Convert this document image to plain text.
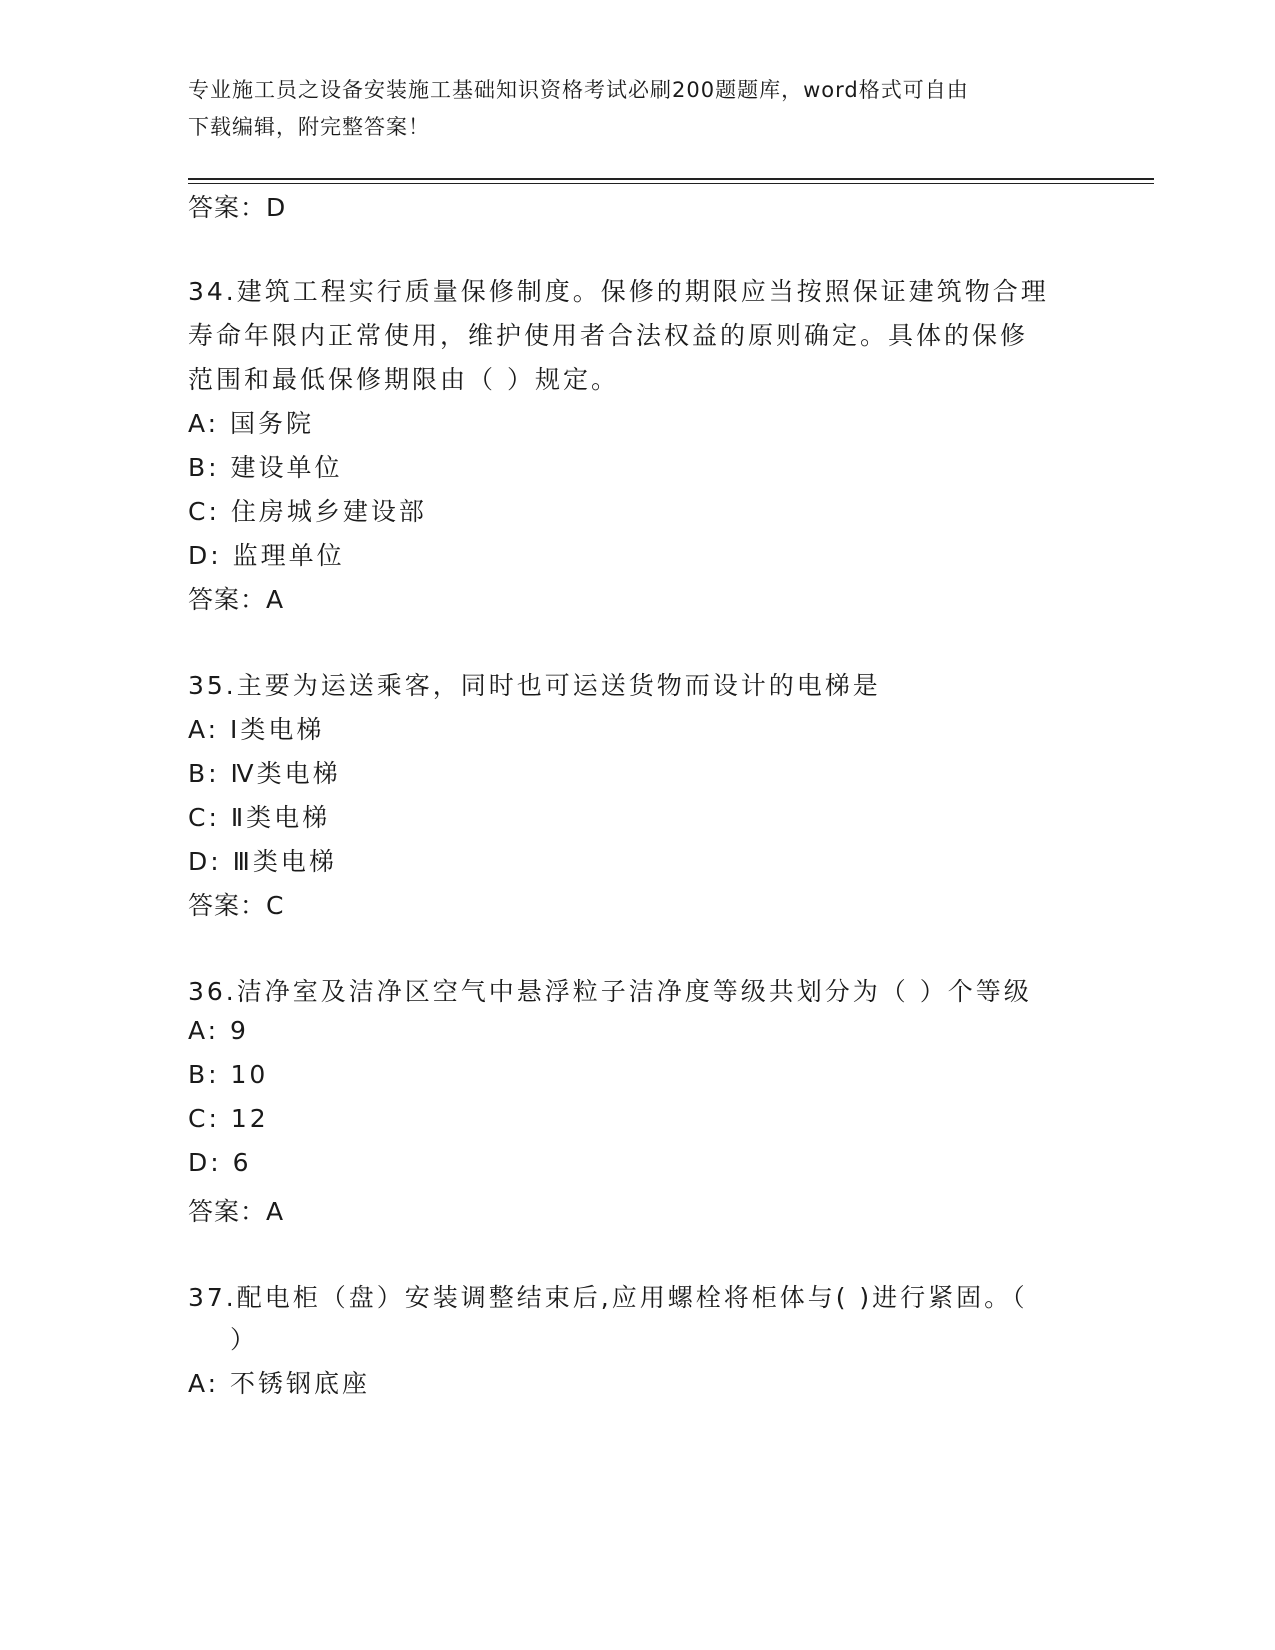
专业施工员之设备安装施工基础知识资格考试必刷200题题库，word格式可自由
下载编辑，附完整答案！
答案：D
34.建筑工程实行质量保修制度。保修的期限应当按照保证建筑物合理
寿命年限内正常使用，维护使用者合法权益的原则确定。具体的保修
范围和最低保修期限由（ ）规定。
A: 国务院
B: 建设单位
C: 住房城乡建设部
D: 监理单位
答案：A
35.主要为运送乘客，同时也可运送货物而设计的电梯是
A: Ⅰ类电梯
B: Ⅳ类电梯
C: Ⅱ类电梯
D: Ⅲ类电梯
答案：C
36.洁净室及洁净区空气中悬浮粒子洁净度等级共划分为（ ）个等级
A: 9
B: 10
C: 12
D: 6
答案：A
37.配电柜（盘）安装调整结束后,应用螺栓将柜体与( )进行紧固。（
）
A: 不锈钢底座
